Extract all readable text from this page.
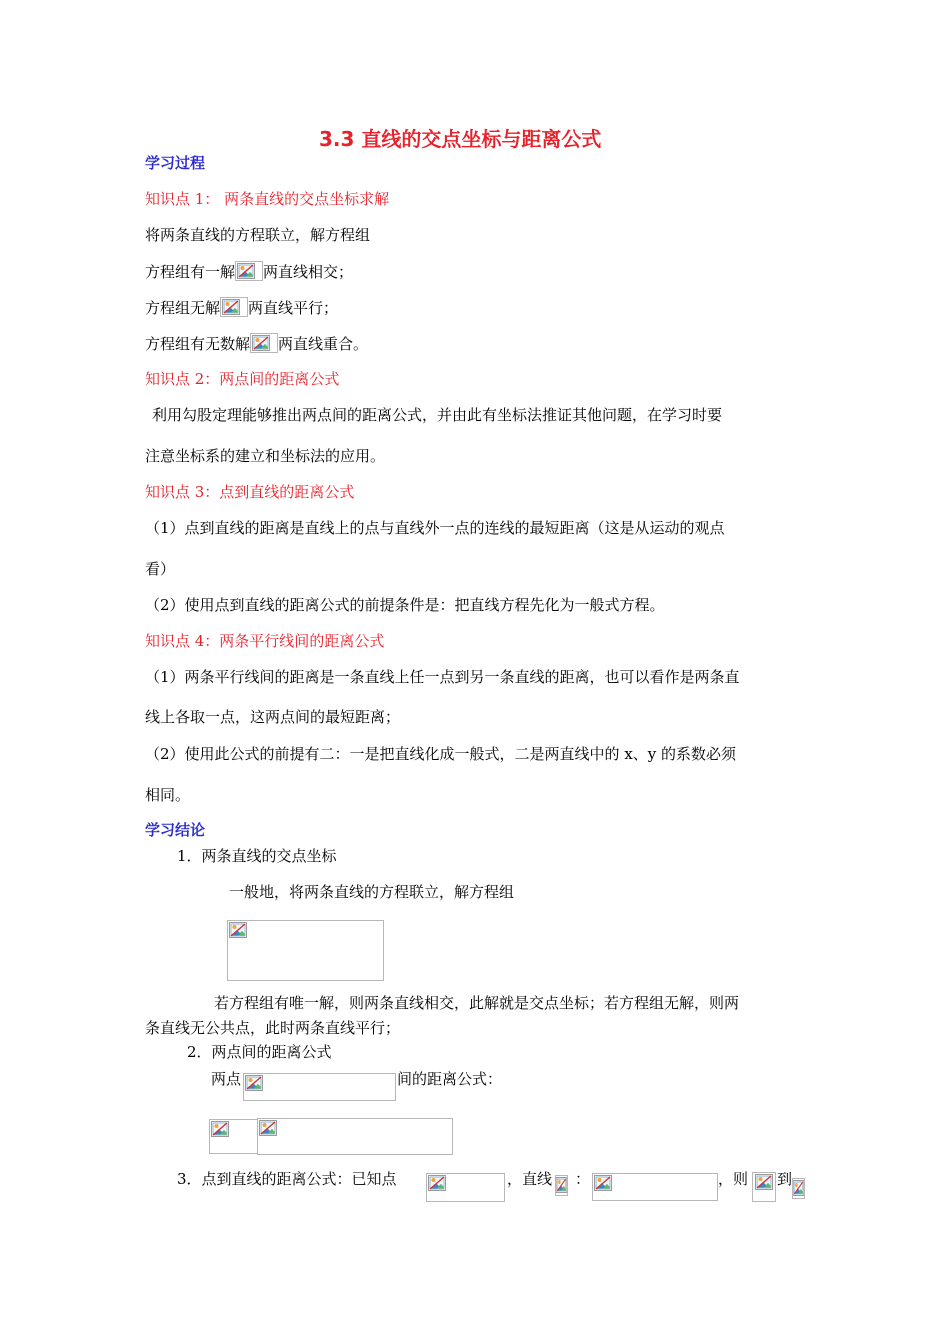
3.3 直线的交点坐标与距离公式
学习过程
知识点 1： 两条直线的交点坐标求解
将两条直线的方程联立，解方程组
方程组有一解 两直线相交；
方程组无解 两直线平行；
方程组有无数解 两直线重合。
知识点 2：两点间的距离公式
利用勾股定理能够推出两点间的距离公式，并由此有坐标法推证其他问题，在学习时要
注意坐标系的建立和坐标法的应用。
知识点 3：点到直线的距离公式
（1）点到直线的距离是直线上的点与直线外一点的连线的最短距离（这是从运动的观点
看）
（2）使用点到直线的距离公式的前提条件是：把直线方程先化为一般式方程。
知识点 4：两条平行线间的距离公式
（1）两条平行线间的距离是一条直线上任一点到另一条直线的距离，也可以看作是两条直
线上各取一点，这两点间的最短距离；
（2）使用此公式的前提有二：一是把直线化成一般式，二是两直线中的 x、y 的系数必须
相同。
学习结论
1．两条直线的交点坐标
一般地，将两条直线的方程联立，解方程组
若方程组有唯一解，则两条直线相交，此解就是交点坐标；若方程组无解，则两
条直线无公共点，此时两条直线平行；
2．两点间的距离公式
两点	间的距离公式：
3．点到直线的距离公式：已知点	，直线 ：	，则 到
